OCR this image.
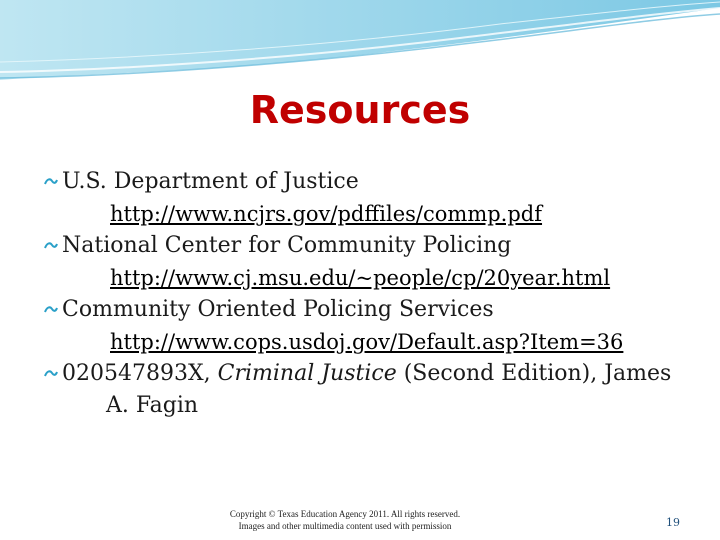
Resources
U.S. Department of Justice
http://www.ncjrs.gov/pdffiles/commp.pdf
National Center for Community Policing
http://www.cj.msu.edu/~people/cp/20year.html
Community Oriented Policing Services
http://www.cops.usdoj.gov/Default.asp?Item=36
020547893X, Criminal Justice (Second Edition), James
A. Fagin
Copyright © Texas Education Agency 2011. All rights reserved.
Images and other multimedia content used with permission	19
